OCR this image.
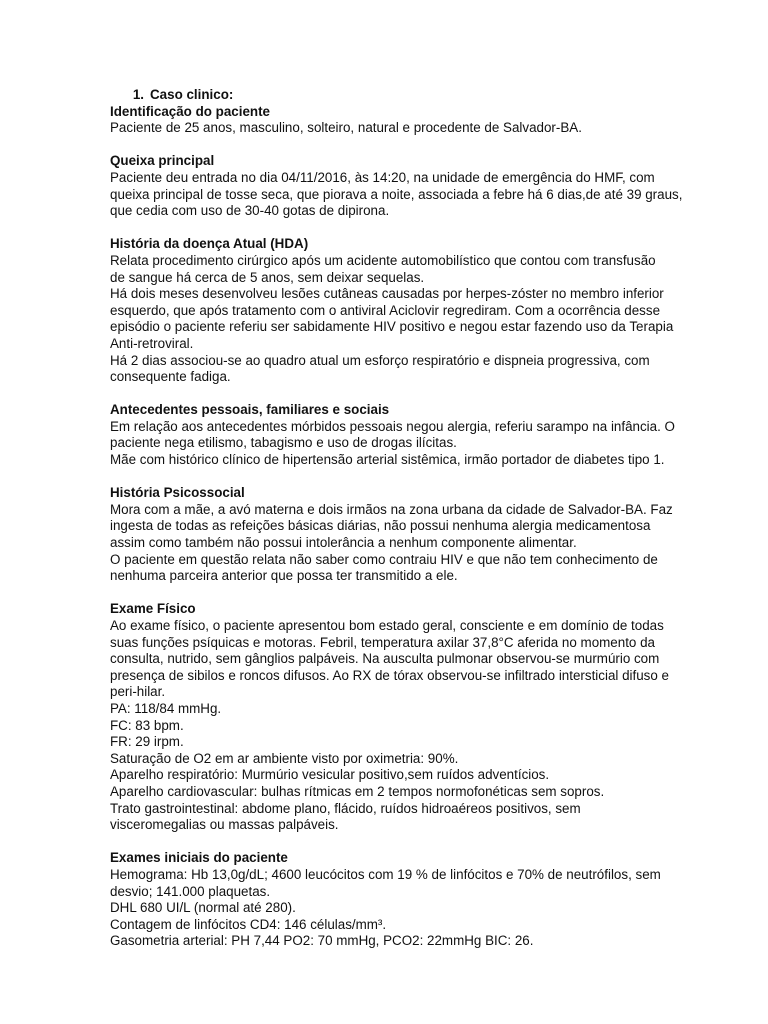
1. Caso clinico:
Identificação do paciente
Paciente de 25 anos, masculino, solteiro, natural e procedente de Salvador-BA.
Queixa principal
Paciente deu entrada no dia 04/11/2016, às 14:20, na unidade de emergência do HMF, com
queixa principal de tosse seca, que piorava a noite, associada a febre há 6 dias,de até 39 graus,
que cedia com uso de 30-40 gotas de dipirona.
História da doença Atual (HDA)
Relata procedimento cirúrgico após um acidente automobilístico que contou com transfusão
de sangue há cerca de 5 anos, sem deixar sequelas.
Há dois meses desenvolveu lesões cutâneas causadas por herpes-zóster no membro inferior
esquerdo, que após tratamento com o antiviral Aciclovir regrediram. Com a ocorrência desse
episódio o paciente referiu ser sabidamente HIV positivo e negou estar fazendo uso da Terapia
Anti-retroviral.
Há 2 dias associou-se ao quadro atual um esforço respiratório e dispneia progressiva, com
consequente fadiga.
Antecedentes pessoais, familiares e sociais
Em relação aos antecedentes mórbidos pessoais negou alergia, referiu sarampo na infância. O
paciente nega etilismo, tabagismo e uso de drogas ilícitas.
Mãe com histórico clínico de hipertensão arterial sistêmica, irmão portador de diabetes tipo 1.
História Psicossocial
Mora com a mãe, a avó materna e dois irmãos na zona urbana da cidade de Salvador-BA. Faz
ingesta de todas as refeições básicas diárias, não possui nenhuma alergia medicamentosa
assim como também não possui intolerância a nenhum componente alimentar.
O paciente em questão relata não saber como contraiu HIV e que não tem conhecimento de
nenhuma parceira anterior que possa ter transmitido a ele.
Exame Físico
Ao exame físico, o paciente apresentou bom estado geral, consciente e em domínio de todas
suas funções psíquicas e motoras. Febril, temperatura axilar 37,8°C aferida no momento da
consulta, nutrido, sem gânglios palpáveis. Na ausculta pulmonar observou-se murmúrio com
presença de sibilos e roncos difusos. Ao RX de tórax observou-se infiltrado intersticial difuso e
peri-hilar.
PA: 118/84 mmHg.
FC: 83 bpm.
FR: 29 irpm.
Saturação de O2 em ar ambiente visto por oximetria: 90%.
Aparelho respiratório: Murmúrio vesicular positivo,sem ruídos adventícios.
Aparelho cardiovascular: bulhas rítmicas em 2 tempos normofonéticas sem sopros.
Trato gastrointestinal: abdome plano, flácido, ruídos hidroaéreos positivos, sem
visceromegalias ou massas palpáveis.
Exames iniciais do paciente
Hemograma: Hb 13,0g/dL; 4600 leucócitos com 19 % de linfócitos e 70% de neutrófilos, sem
desvio; 141.000 plaquetas.
DHL 680 UI/L (normal até 280).
Contagem de linfócitos CD4: 146 células/mm³.
Gasometria arterial: PH 7,44 PO2: 70 mmHg, PCO2: 22mmHg BIC: 26.
